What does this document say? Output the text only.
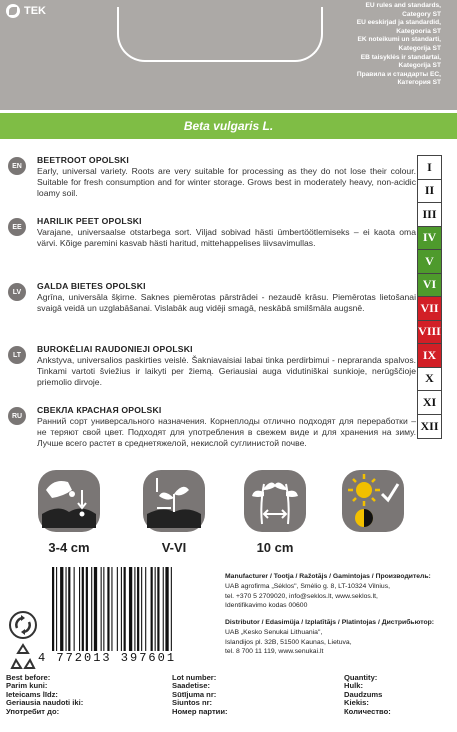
TEK	EU rules and standards,
Category ST
EU eeskirjad ja standardid,
Kategooria ST
EK noteikumi un standarti,
Kategorija ST
EB taisyklės ir standartai,
Kategorija ST
Правила и стандарты ЕС,
Категория ST
Beta vulgaris L.
EN
BEETROOT OPOLSKI

Early, universal variety. Roots are very suitable for processing as they do not lose their colour. Suitable for fresh consumption and for winter storage. Grows best in moderately heavy, non-acidic loamy soil.

EE
HARILIK PEET OPOLSKI

Varajane, universaalse otstarbega sort. Viljad sobivad hästi ümbertöötlemiseks – ei kaota oma värvi. Kõige paremini kasvab hästi haritud, mittehappelises liivsavimullas.

LV
GALDA BIETES OPOLSKI

Agrīna, universāla šķirne. Saknes piemērotas pārstrādei - nezaudē krāsu. Piemērotas lietošanai svaigā veidā un uzglabāšanai. Vislabāk aug vidēji smagā, neskābā smilšmāla augsnē.

LT
BUROKĖLIAI RAUDONIEJI OPOLSKI

Ankstyva, universalios paskirties veislė. Šakniavaisiai labai tinka perdirbimui - nepraranda spalvos. Tinkami vartoti šviežius ir laikyti per žiemą. Geriausiai auga vidutiniškai sunkioje, nerūgščioje priemolio dirvoje.

RU
СВЕКЛА КРАСНАЯ OPOLSKI

Ранний сорт универсального назначения. Корнеплоды отлично подходят для переработки – не теряют свой цвет. Подходят для употребления в свежем виде и для хранения на зиму. Лучше всего растет в среднетяжелой, некислой суглинистой почве.

I
II
III
IV
V
VI
VII
VIII
IX
X
XI
XII
3-4 cm	V-VI	10 cm
4 772013 397601
Manufacturer / Tootja / Ražotājs / Gamintojas / Производитель:
UAB agrofirma „Sėklos", Smėlio g. 8, LT-10324 Vilnius,
tel. +370 5 2709020, info@seklos.lt, www.seklos.lt,
Identifikavimo kodas 00600
Distributor / Edasimüja / Izplatītājs / Platintojas / Дистрибьютор:
UAB „Kesko Senukai Lithuania",
Islandijos pl. 32B, 51500 Kaunas, Lietuva,
tel. 8 700 11 119, www.senukai.lt
Best before:
Parim kuni:
Ieteicams līdz:
Geriausia naudoti iki:
Употребит до:
Lot number:
Saadetise:
Sūtījuma nr:
Siuntos nr:
Номер партии:
Quantity:
Hulk:
Daudzums
Kiekis:
Количество:
